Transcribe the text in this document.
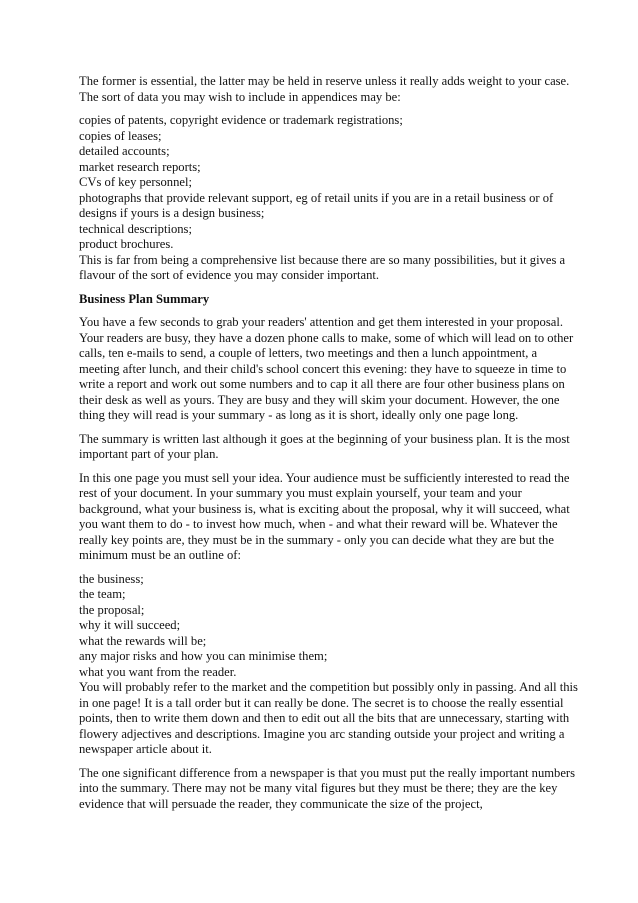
The former is essential, the latter may be held in reserve unless it really adds weight to your case. The sort of data you may wish to include in appendices may be:

copies of patents, copyright evidence or trademark registrations;
copies of leases;
detailed accounts;
market research reports;
CVs of key personnel;
photographs that provide relevant support, eg of retail units if you are in a retail business or of designs if yours is a design business;
technical descriptions;
product brochures.

This is far from being a comprehensive list because there are so many possibilities, but it gives a flavour of the sort of evidence you may consider important.

Business Plan Summary

You have a few seconds to grab your readers' attention and get them interested in your proposal. Your readers are busy, they have a dozen phone calls to make, some of which will lead on to other calls, ten e-mails to send, a couple of letters, two meetings and then a lunch appointment, a meeting after lunch, and their child's school concert this evening: they have to squeeze in time to write a report and work out some numbers and to cap it all there are four other business plans on their desk as well as yours. They are busy and they will skim your document. However, the one thing they will read is your summary - as long as it is short, ideally only one page long.

The summary is written last although it goes at the beginning of your business plan. It is the most important part of your plan.

In this one page you must sell your idea. Your audience must be sufficiently interested to read the rest of your document. In your summary you must explain yourself, your team and your background, what your business is, what is exciting about the proposal, why it will succeed, what you want them to do - to invest how much, when - and what their reward will be. Whatever the really key points are, they must be in the summary - only you can decide what they are but the minimum must be an outline of:

the business;
the team;
the proposal;
why it will succeed;
what the rewards will be;
any major risks and how you can minimise them;
what you want from the reader.

You will probably refer to the market and the competition but possibly only in passing. And all this in one page! It is a tall order but it can really be done. The secret is to choose the really essential points, then to write them down and then to edit out all the bits that are unnecessary, starting with flowery adjectives and descriptions. Imagine you arc standing outside your project and writing a newspaper article about it.

The one significant difference from a newspaper is that you must put the really important numbers into the summary. There may not be many vital figures but they must be there; they are the key evidence that will persuade the reader, they communicate the size of the project,
